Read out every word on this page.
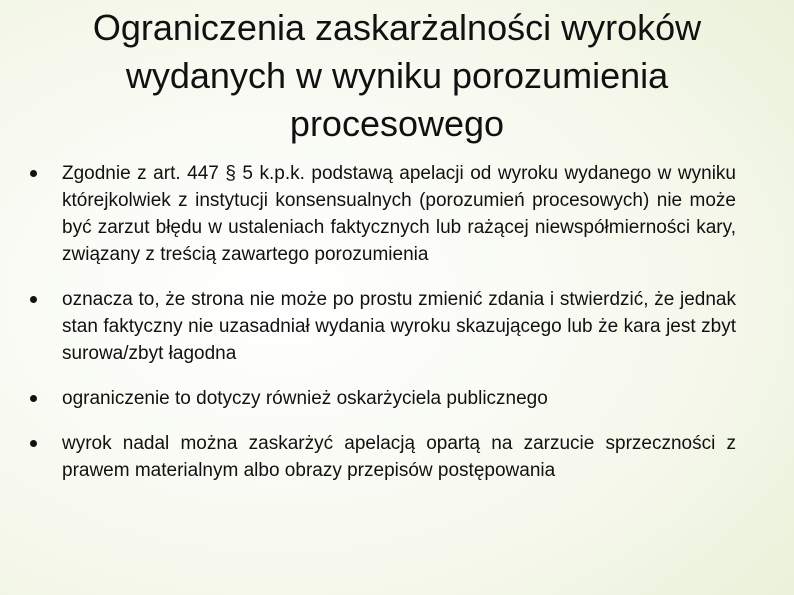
Ograniczenia zaskarżalności wyroków wydanych w wyniku porozumienia procesowego
Zgodnie z art. 447 § 5 k.p.k. podstawą apelacji od wyroku wydanego w wyniku którejkolwiek z instytucji konsensualnych (porozumień procesowych) nie może być zarzut błędu w ustaleniach faktycznych lub rażącej niewspółmierności kary, związany z treścią zawartego porozumienia
oznacza to, że strona nie może po prostu zmienić zdania i stwierdzić, że jednak stan faktyczny nie uzasadniał wydania wyroku skazującego lub że kara jest zbyt surowa/zbyt łagodna
ograniczenie to dotyczy również oskarżyciela publicznego
wyrok nadal można zaskarżyć apelacją opartą na zarzucie sprzeczności z prawem materialnym albo obrazy przepisów postępowania
